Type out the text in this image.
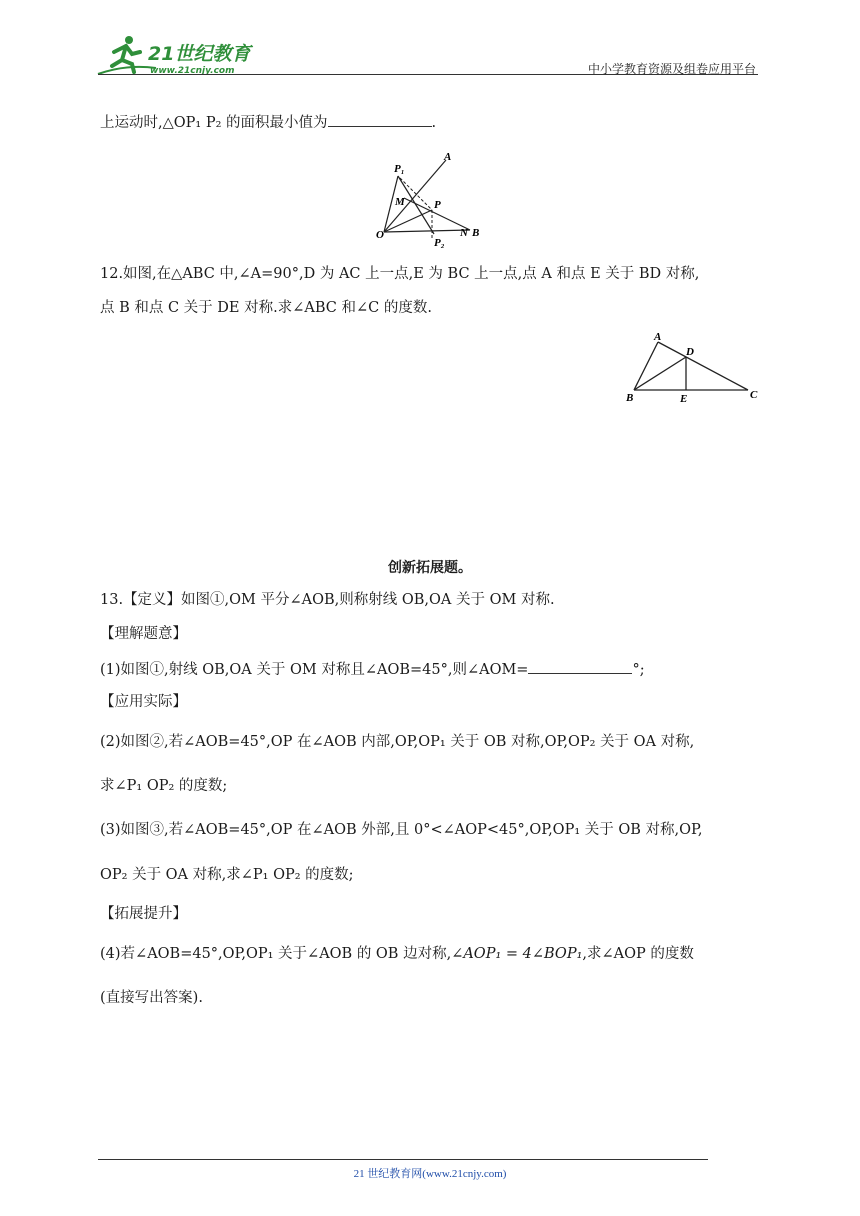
21世纪教育
www.21cnjy.com	中小学教育资源及组卷应用平台
上运动时,△OP₁ P₂ 的面积最小值为	.
P₁
A
M	P
O	N B
P₂
12.如图,在△ABC 中,∠A=90°,D 为 AC 上一点,E 为 BC 上一点,点 A 和点 E 关于 BD 对称,
点 B 和点 C 关于 DE 对称.求∠ABC 和∠C 的度数.
A
D
B	E	C
创新拓展题。
13.【定义】如图①,OM 平分∠AOB,则称射线 OB,OA 关于 OM 对称.
【理解题意】
(1)如图①,射线 OB,OA 关于 OM 对称且∠AOB=45°,则∠AOM=	°;
【应用实际】
(2)如图②,若∠AOB=45°,OP 在∠AOB 内部,OP,OP₁ 关于 OB 对称,OP,OP₂ 关于 OA 对称,
求∠P₁ OP₂ 的度数;
(3)如图③,若∠AOB=45°,OP 在∠AOB 外部,且 0°<∠AOP<45°,OP,OP₁ 关于 OB 对称,OP,
OP₂ 关于 OA 对称,求∠P₁ OP₂ 的度数;
【拓展提升】
(4)若∠AOB=45°,OP,OP₁ 关于∠AOB 的 OB 边对称,∠AOP₁ = 4∠BOP₁,求∠AOP 的度数
(直接写出答案).
21 世纪教育网(www.21cnjy.com)
